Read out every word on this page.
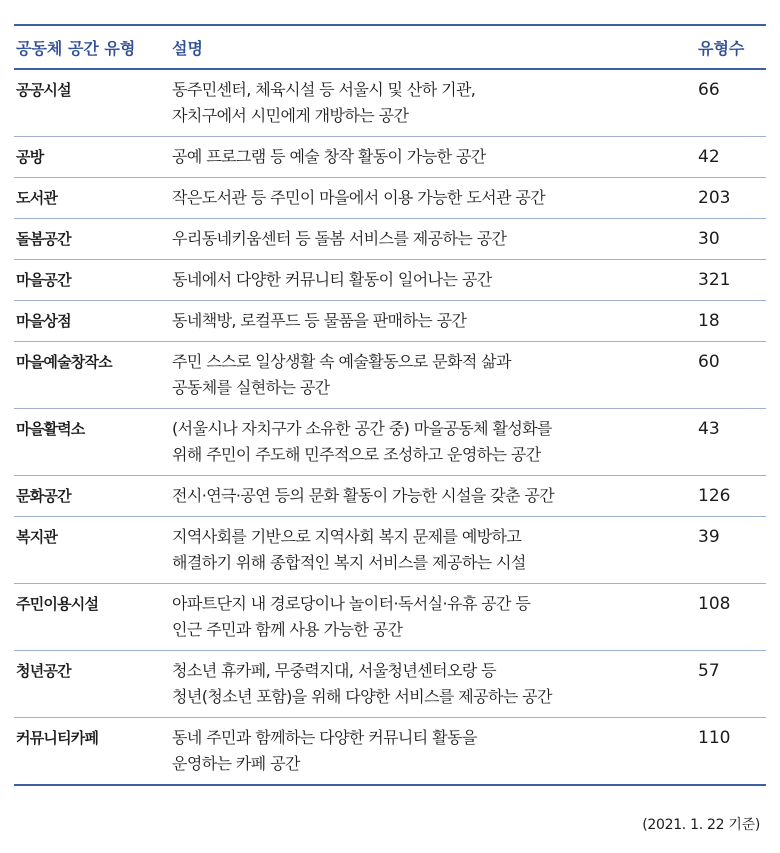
공동체 공간 유형	설명	유형수
공공시설	동주민센터, 체육시설 등 서울시 및 산하 기관,
자치구에서 시민에게 개방하는 공간	66
공방	공예 프로그램 등 예술 창작 활동이 가능한 공간	42
도서관	작은도서관 등 주민이 마을에서 이용 가능한 도서관 공간	203
돌봄공간	우리동네키움센터 등 돌봄 서비스를 제공하는 공간	30
마을공간	동네에서 다양한 커뮤니티 활동이 일어나는 공간	321
마을상점	동네책방, 로컬푸드 등 물품을 판매하는 공간	18
마을예술창작소	주민 스스로 일상생활 속 예술활동으로 문화적 삶과
공동체를 실현하는 공간	60
마을활력소	(서울시나 자치구가 소유한 공간 중) 마을공동체 활성화를
위해 주민이 주도해 민주적으로 조성하고 운영하는 공간	43
문화공간	전시·연극·공연 등의 문화 활동이 가능한 시설을 갖춘 공간	126
복지관	지역사회를 기반으로 지역사회 복지 문제를 예방하고
해결하기 위해 종합적인 복지 서비스를 제공하는 시설	39
주민이용시설	아파트단지 내 경로당이나 놀이터·독서실·유휴 공간 등
인근 주민과 함께 사용 가능한 공간	108
청년공간	청소년 휴카페, 무중력지대, 서울청년센터오랑 등
청년(청소년 포함)을 위해 다양한 서비스를 제공하는 공간	57
커뮤니티카페	동네 주민과 함께하는 다양한 커뮤니티 활동을
운영하는 카페 공간	110
(2021. 1. 22 기준)
